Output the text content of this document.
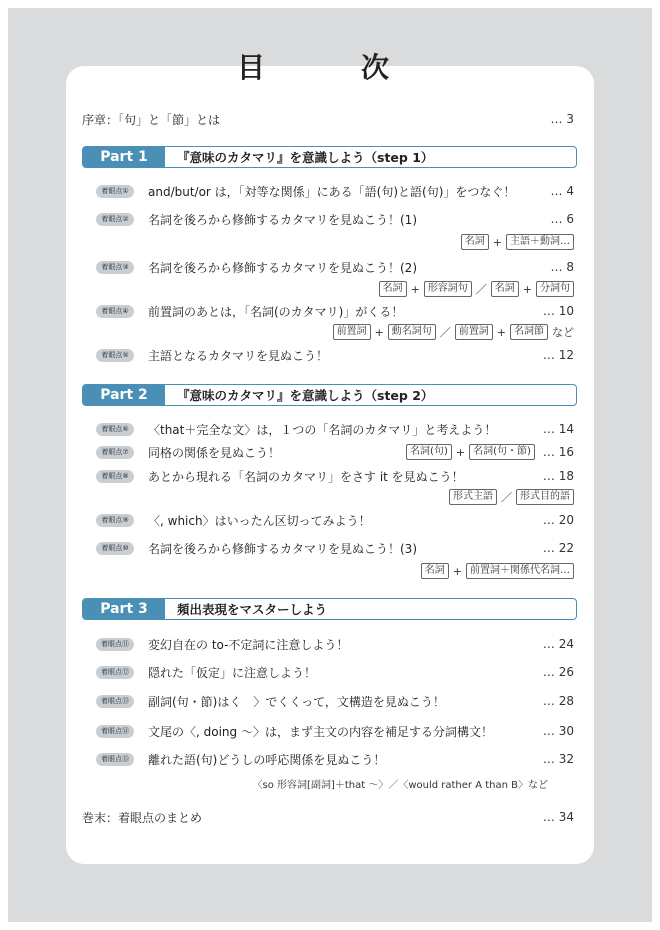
目　次
序章：「句」と「節」とは	… 3
Part 1	『意味のカタマリ』を意識しよう（step 1）
着眼点①	and/but/or は，「対等な関係」にある「語(句)と語(句)」をつなぐ！	… 4
着眼点②	名詞を後ろから修飾するカタマリを見ぬこう！(1)	… 6
名詞 + 主語＋動詞…
着眼点③	名詞を後ろから修飾するカタマリを見ぬこう！(2)	… 8
名詞 + 形容詞句 ／ 名詞 + 分詞句
着眼点④	前置詞のあとは，「名詞(のカタマリ)」がくる！	… 10
前置詞 + 動名詞句 ／ 前置詞 + 名詞節 など
着眼点⑤	主語となるカタマリを見ぬこう！	… 12
Part 2	『意味のカタマリ』を意識しよう（step 2）
着眼点⑥	〈that＋完全な文〉は，１つの「名詞のカタマリ」と考えよう！	… 14
着眼点⑦	同格の関係を見ぬこう！	名詞(句) + 名詞(句・節)	… 16
着眼点⑧	あとから現れる「名詞のカタマリ」をさす it を見ぬこう！	… 18
形式主語 ／ 形式目的語
着眼点⑨	〈, which〉はいったん区切ってみよう！	… 20
着眼点⑩	名詞を後ろから修飾するカタマリを見ぬこう！(3)	… 22
名詞 + 前置詞＋関係代名詞…
Part 3	頻出表現をマスターしよう
着眼点⑪	変幻自在の to-不定詞に注意しよう！	… 24
着眼点⑫	隠れた「仮定」に注意しよう！	… 26
着眼点⑬	副詞(句・節)はく　〉でくくって，文構造を見ぬこう！	… 28
着眼点⑭	文尾の〈, doing 〜〉は，まず主文の内容を補足する分詞構文！	… 30
着眼点⑮	離れた語(句)どうしの呼応関係を見ぬこう！	… 32
〈so 形容詞[副詞]＋that 〜〉／〈would rather A than B〉など
巻末：着眼点のまとめ	… 34
